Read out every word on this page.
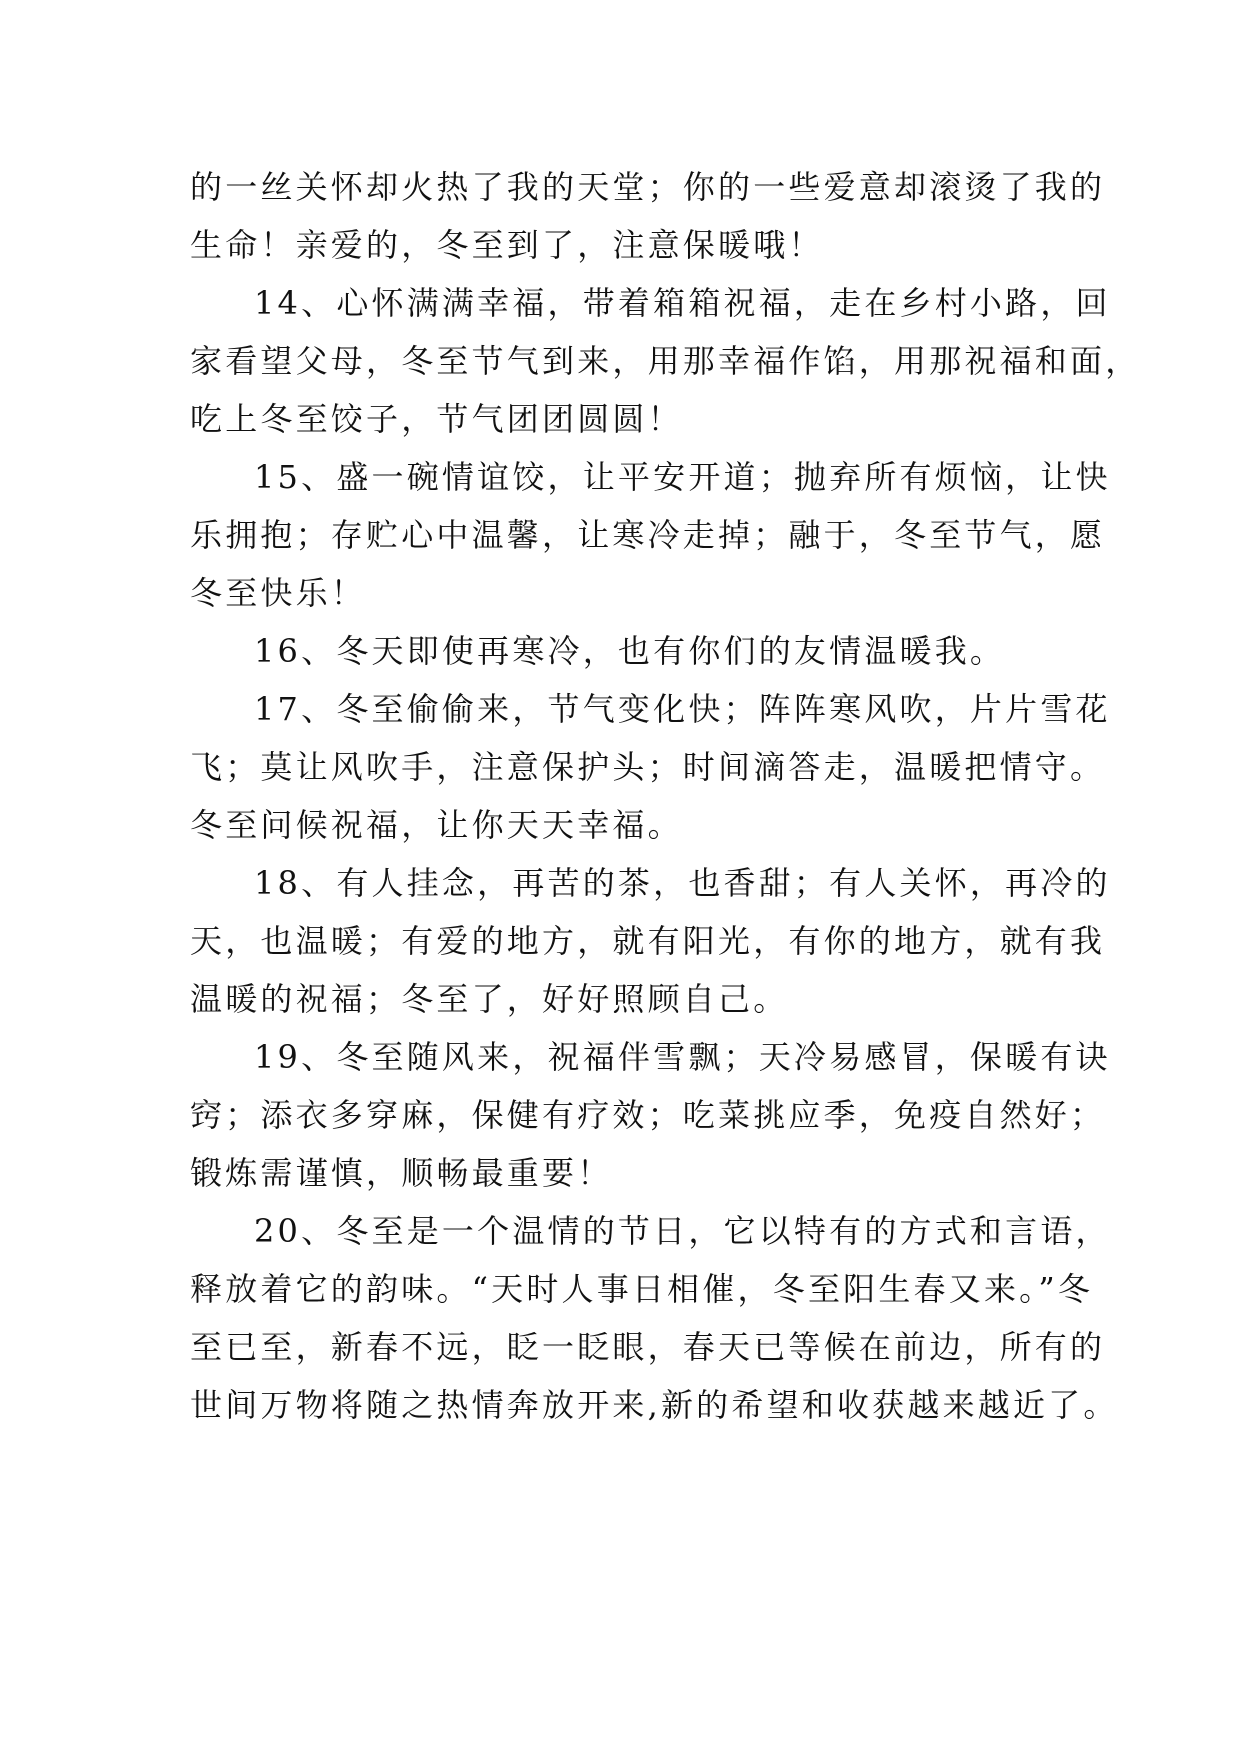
的一丝关怀却火热了我的天堂；你的一些爱意却滚烫了我的
生命！亲爱的，冬至到了，注意保暖哦！
14、心怀满满幸福，带着箱箱祝福，走在乡村小路，回
家看望父母，冬至节气到来，用那幸福作馅，用那祝福和面，
吃上冬至饺子，节气团团圆圆！
15、盛一碗情谊饺，让平安开道；抛弃所有烦恼，让快
乐拥抱；存贮心中温馨，让寒冷走掉；融于，冬至节气，愿
冬至快乐！
16、冬天即使再寒冷，也有你们的友情温暖我。
17、冬至偷偷来，节气变化快；阵阵寒风吹，片片雪花
飞；莫让风吹手，注意保护头；时间滴答走，温暖把情守。
冬至问候祝福，让你天天幸福。
18、有人挂念，再苦的茶，也香甜；有人关怀，再冷的
天，也温暖；有爱的地方，就有阳光，有你的地方，就有我
温暖的祝福；冬至了，好好照顾自己。
19、冬至随风来，祝福伴雪飘；天冷易感冒，保暖有诀
窍；添衣多穿麻，保健有疗效；吃菜挑应季，免疫自然好；
锻炼需谨慎，顺畅最重要！
20、冬至是一个温情的节日，它以特有的方式和言语，
释放着它的韵味。“天时人事日相催，冬至阳生春又来。”冬
至已至，新春不远，眨一眨眼，春天已等候在前边，所有的
世间万物将随之热情奔放开来,新的希望和收获越来越近了。
